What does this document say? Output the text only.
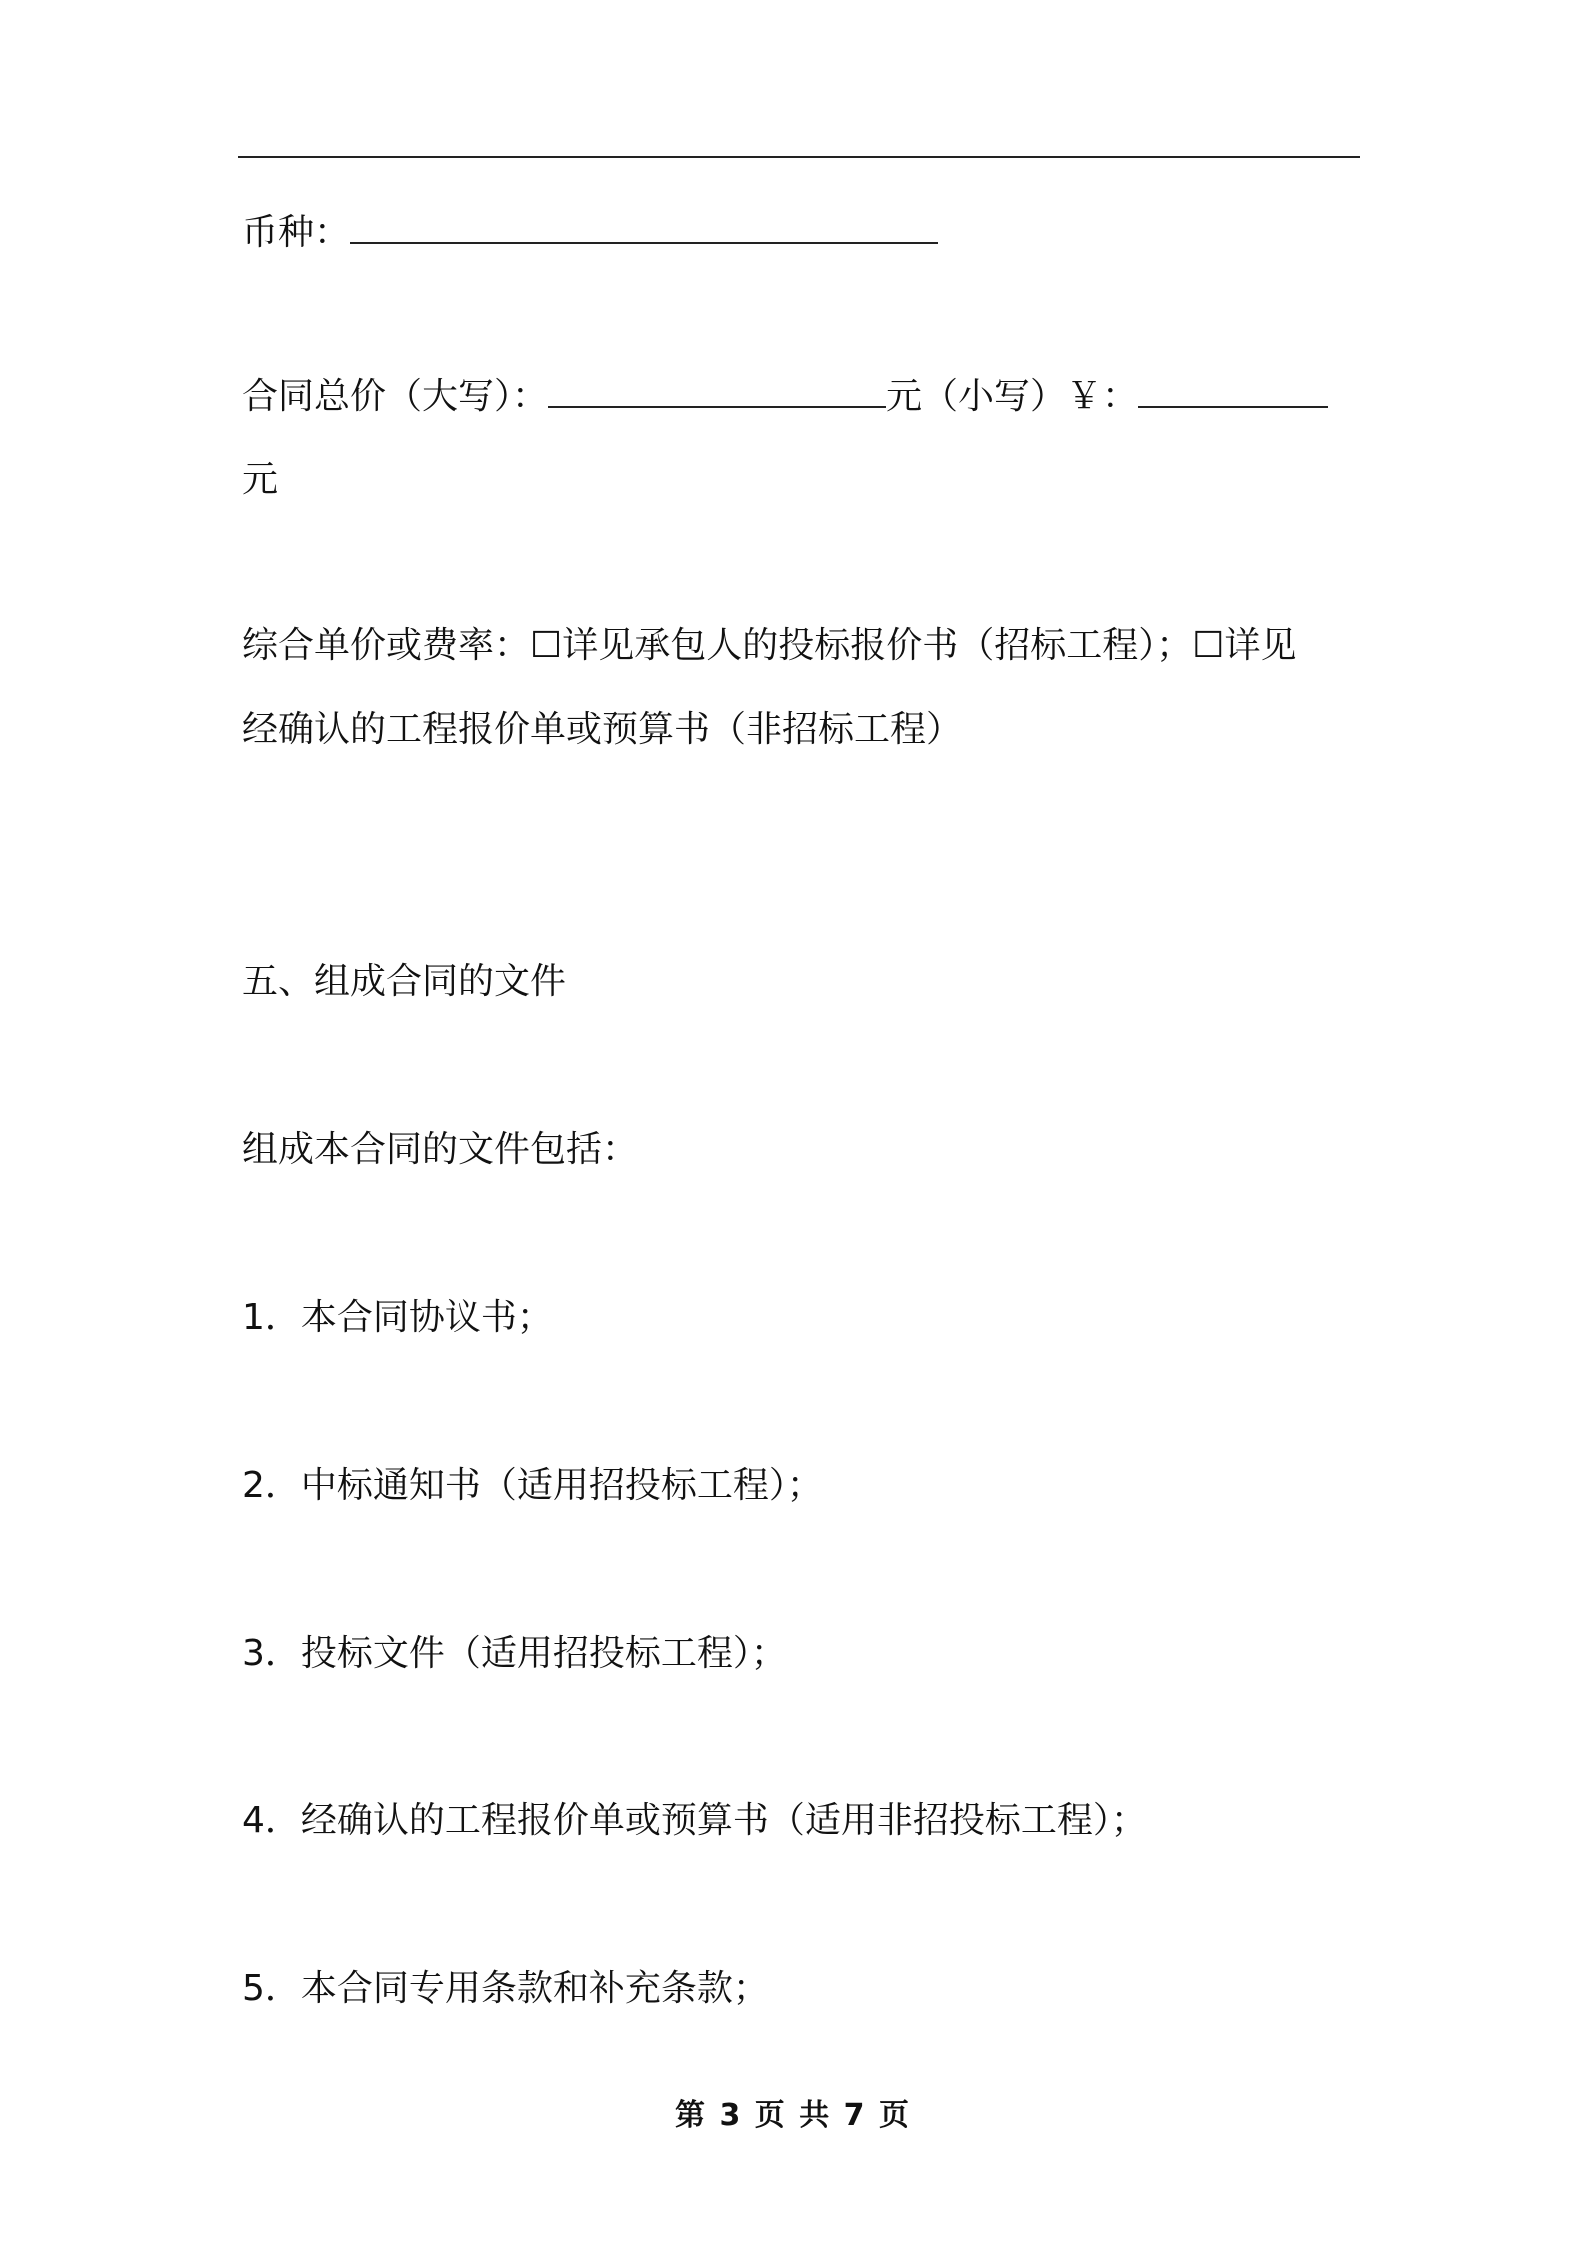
币种：
合同总价（大写）：	元（小写）￥：
元
综合单价或费率：☐详见承包人的投标报价书（招标工程）；☐详见
经确认的工程报价单或预算书（非招标工程）
五、组成合同的文件
组成本合同的文件包括：
1．本合同协议书；
2．中标通知书（适用招投标工程）；
3．投标文件（适用招投标工程）；
4．经确认的工程报价单或预算书（适用非招投标工程）；
5．本合同专用条款和补充条款；
第 3 页 共 7 页
